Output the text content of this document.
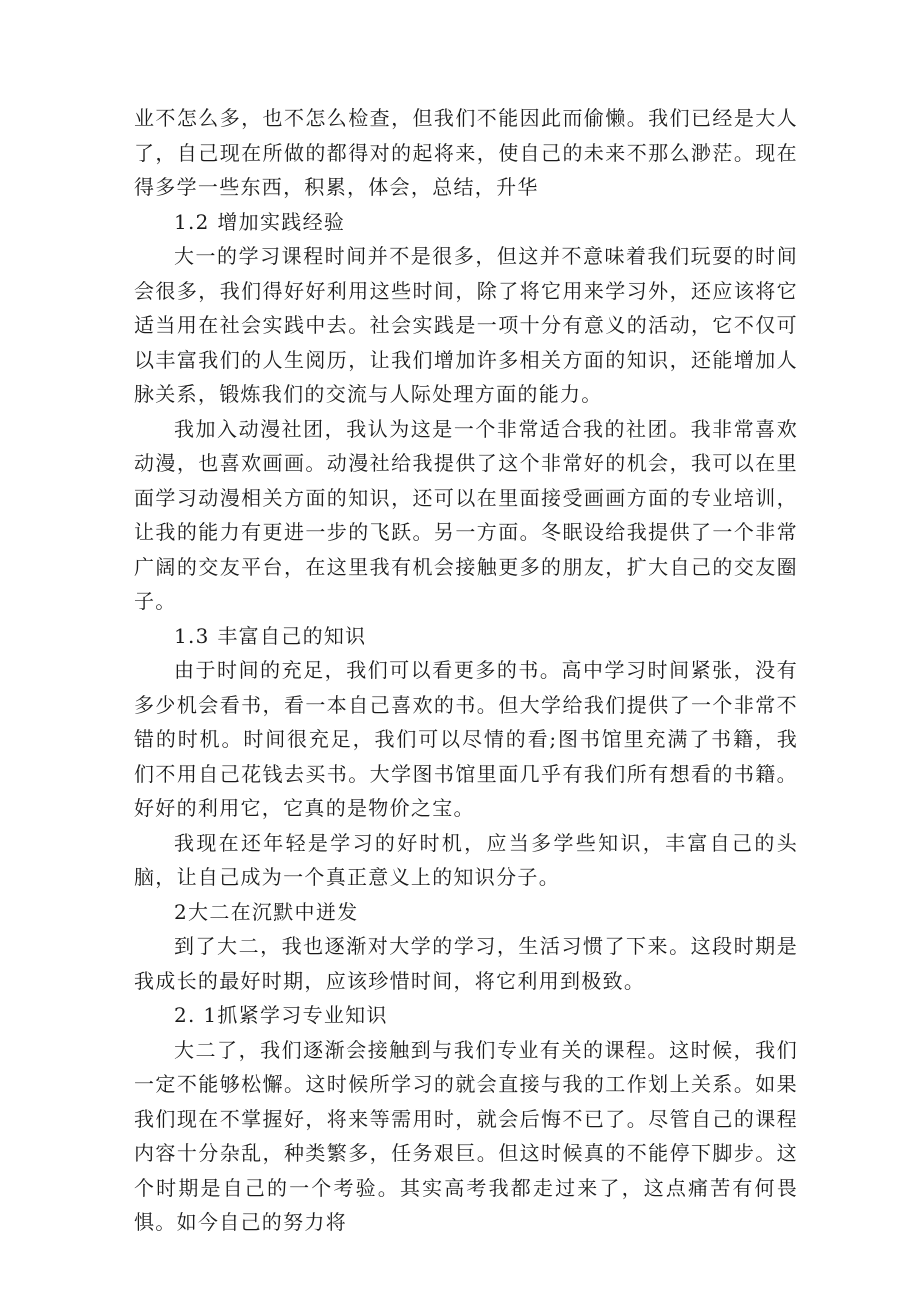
业不怎么多，也不怎么检查，但我们不能因此而偷懒。我们已经是大人了，自己现在所做的都得对的起将来，使自己的未来不那么渺茫。现在得多学一些东西，积累，体会，总结，升华

1.2 增加实践经验

大一的学习课程时间并不是很多，但这并不意味着我们玩耍的时间会很多，我们得好好利用这些时间，除了将它用来学习外，还应该将它适当用在社会实践中去。社会实践是一项十分有意义的活动，它不仅可以丰富我们的人生阅历，让我们增加许多相关方面的知识，还能增加人脉关系，锻炼我们的交流与人际处理方面的能力。

我加入动漫社团，我认为这是一个非常适合我的社团。我非常喜欢动漫，也喜欢画画。动漫社给我提供了这个非常好的机会，我可以在里面学习动漫相关方面的知识，还可以在里面接受画画方面的专业培训，让我的能力有更进一步的飞跃。另一方面。冬眠设给我提供了一个非常广阔的交友平台，在这里我有机会接触更多的朋友，扩大自己的交友圈子。

1.3 丰富自己的知识

由于时间的充足，我们可以看更多的书。高中学习时间紧张，没有多少机会看书，看一本自己喜欢的书。但大学给我们提供了一个非常不错的时机。时间很充足，我们可以尽情的看;图书馆里充满了书籍，我们不用自己花钱去买书。大学图书馆里面几乎有我们所有想看的书籍。好好的利用它，它真的是物价之宝。

我现在还年轻是学习的好时机，应当多学些知识，丰富自己的头脑，让自己成为一个真正意义上的知识分子。

2大二在沉默中迸发

到了大二，我也逐渐对大学的学习，生活习惯了下来。这段时期是我成长的最好时期，应该珍惜时间，将它利用到极致。

2. 1抓紧学习专业知识

大二了，我们逐渐会接触到与我们专业有关的课程。这时候，我们一定不能够松懈。这时候所学习的就会直接与我的工作划上关系。如果我们现在不掌握好，将来等需用时，就会后悔不已了。尽管自己的课程内容十分杂乱，种类繁多，任务艰巨。但这时候真的不能停下脚步。这个时期是自己的一个考验。其实高考我都走过来了，这点痛苦有何畏惧。如今自己的努力将
